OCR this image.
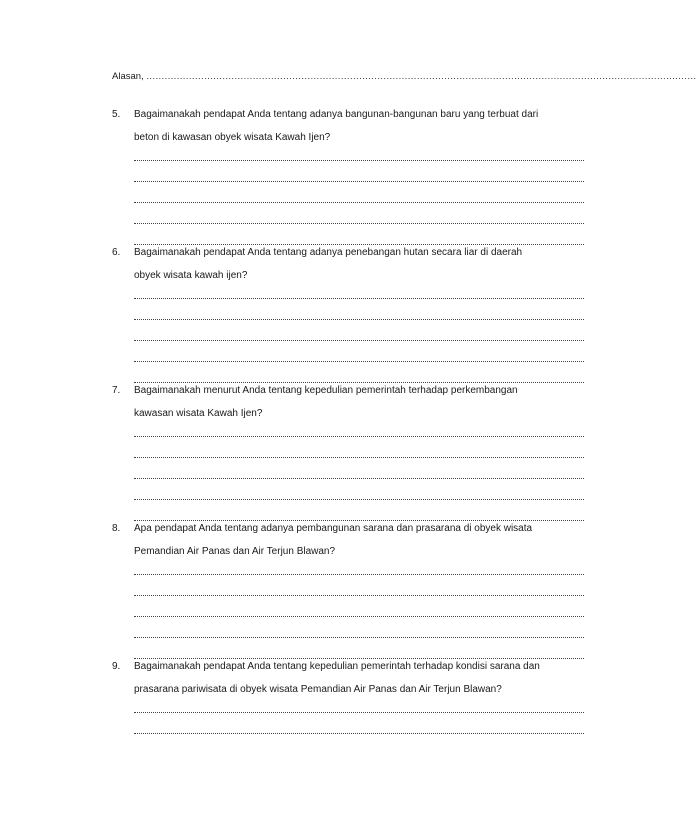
Alasan, .....................................................................................................................................................................................
5.	Bagaimanakah pendapat Anda tentang adanya bangunan-bangunan baru yang terbuat dari
beton di kawasan obyek wisata Kawah Ijen?
6.	Bagaimanakah pendapat Anda tentang adanya penebangan hutan secara liar di daerah
obyek wisata kawah ijen?
7.	Bagaimanakah menurut Anda tentang kepedulian pemerintah terhadap perkembangan
kawasan wisata Kawah Ijen?
8.	Apa pendapat Anda tentang adanya pembangunan sarana dan prasarana di obyek wisata
Pemandian Air Panas dan Air Terjun Blawan?
9.	Bagaimanakah pendapat Anda tentang kepedulian pemerintah terhadap kondisi sarana dan
prasarana pariwisata di obyek wisata Pemandian Air Panas dan Air Terjun Blawan?
